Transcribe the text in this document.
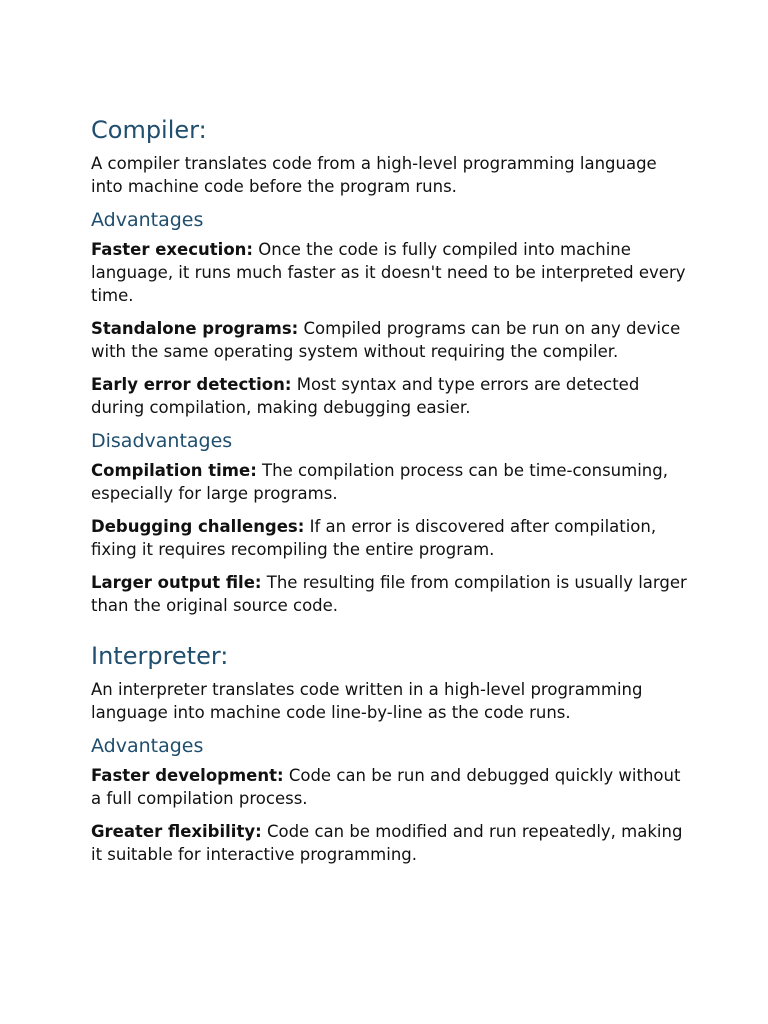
Compiler:

A compiler translates code from a high-level programming language into machine code before the program runs.

Advantages

Faster execution: Once the code is fully compiled into machine language, it runs much faster as it doesn't need to be interpreted every time.

Standalone programs: Compiled programs can be run on any device with the same operating system without requiring the compiler.

Early error detection: Most syntax and type errors are detected during compilation, making debugging easier.

Disadvantages

Compilation time: The compilation process can be time-consuming, especially for large programs.

Debugging challenges: If an error is discovered after compilation, fixing it requires recompiling the entire program.

Larger output file: The resulting file from compilation is usually larger than the original source code.

Interpreter:

An interpreter translates code written in a high-level programming language into machine code line-by-line as the code runs.

Advantages

Faster development: Code can be run and debugged quickly without a full compilation process.

Greater flexibility: Code can be modified and run repeatedly, making it suitable for interactive programming.
